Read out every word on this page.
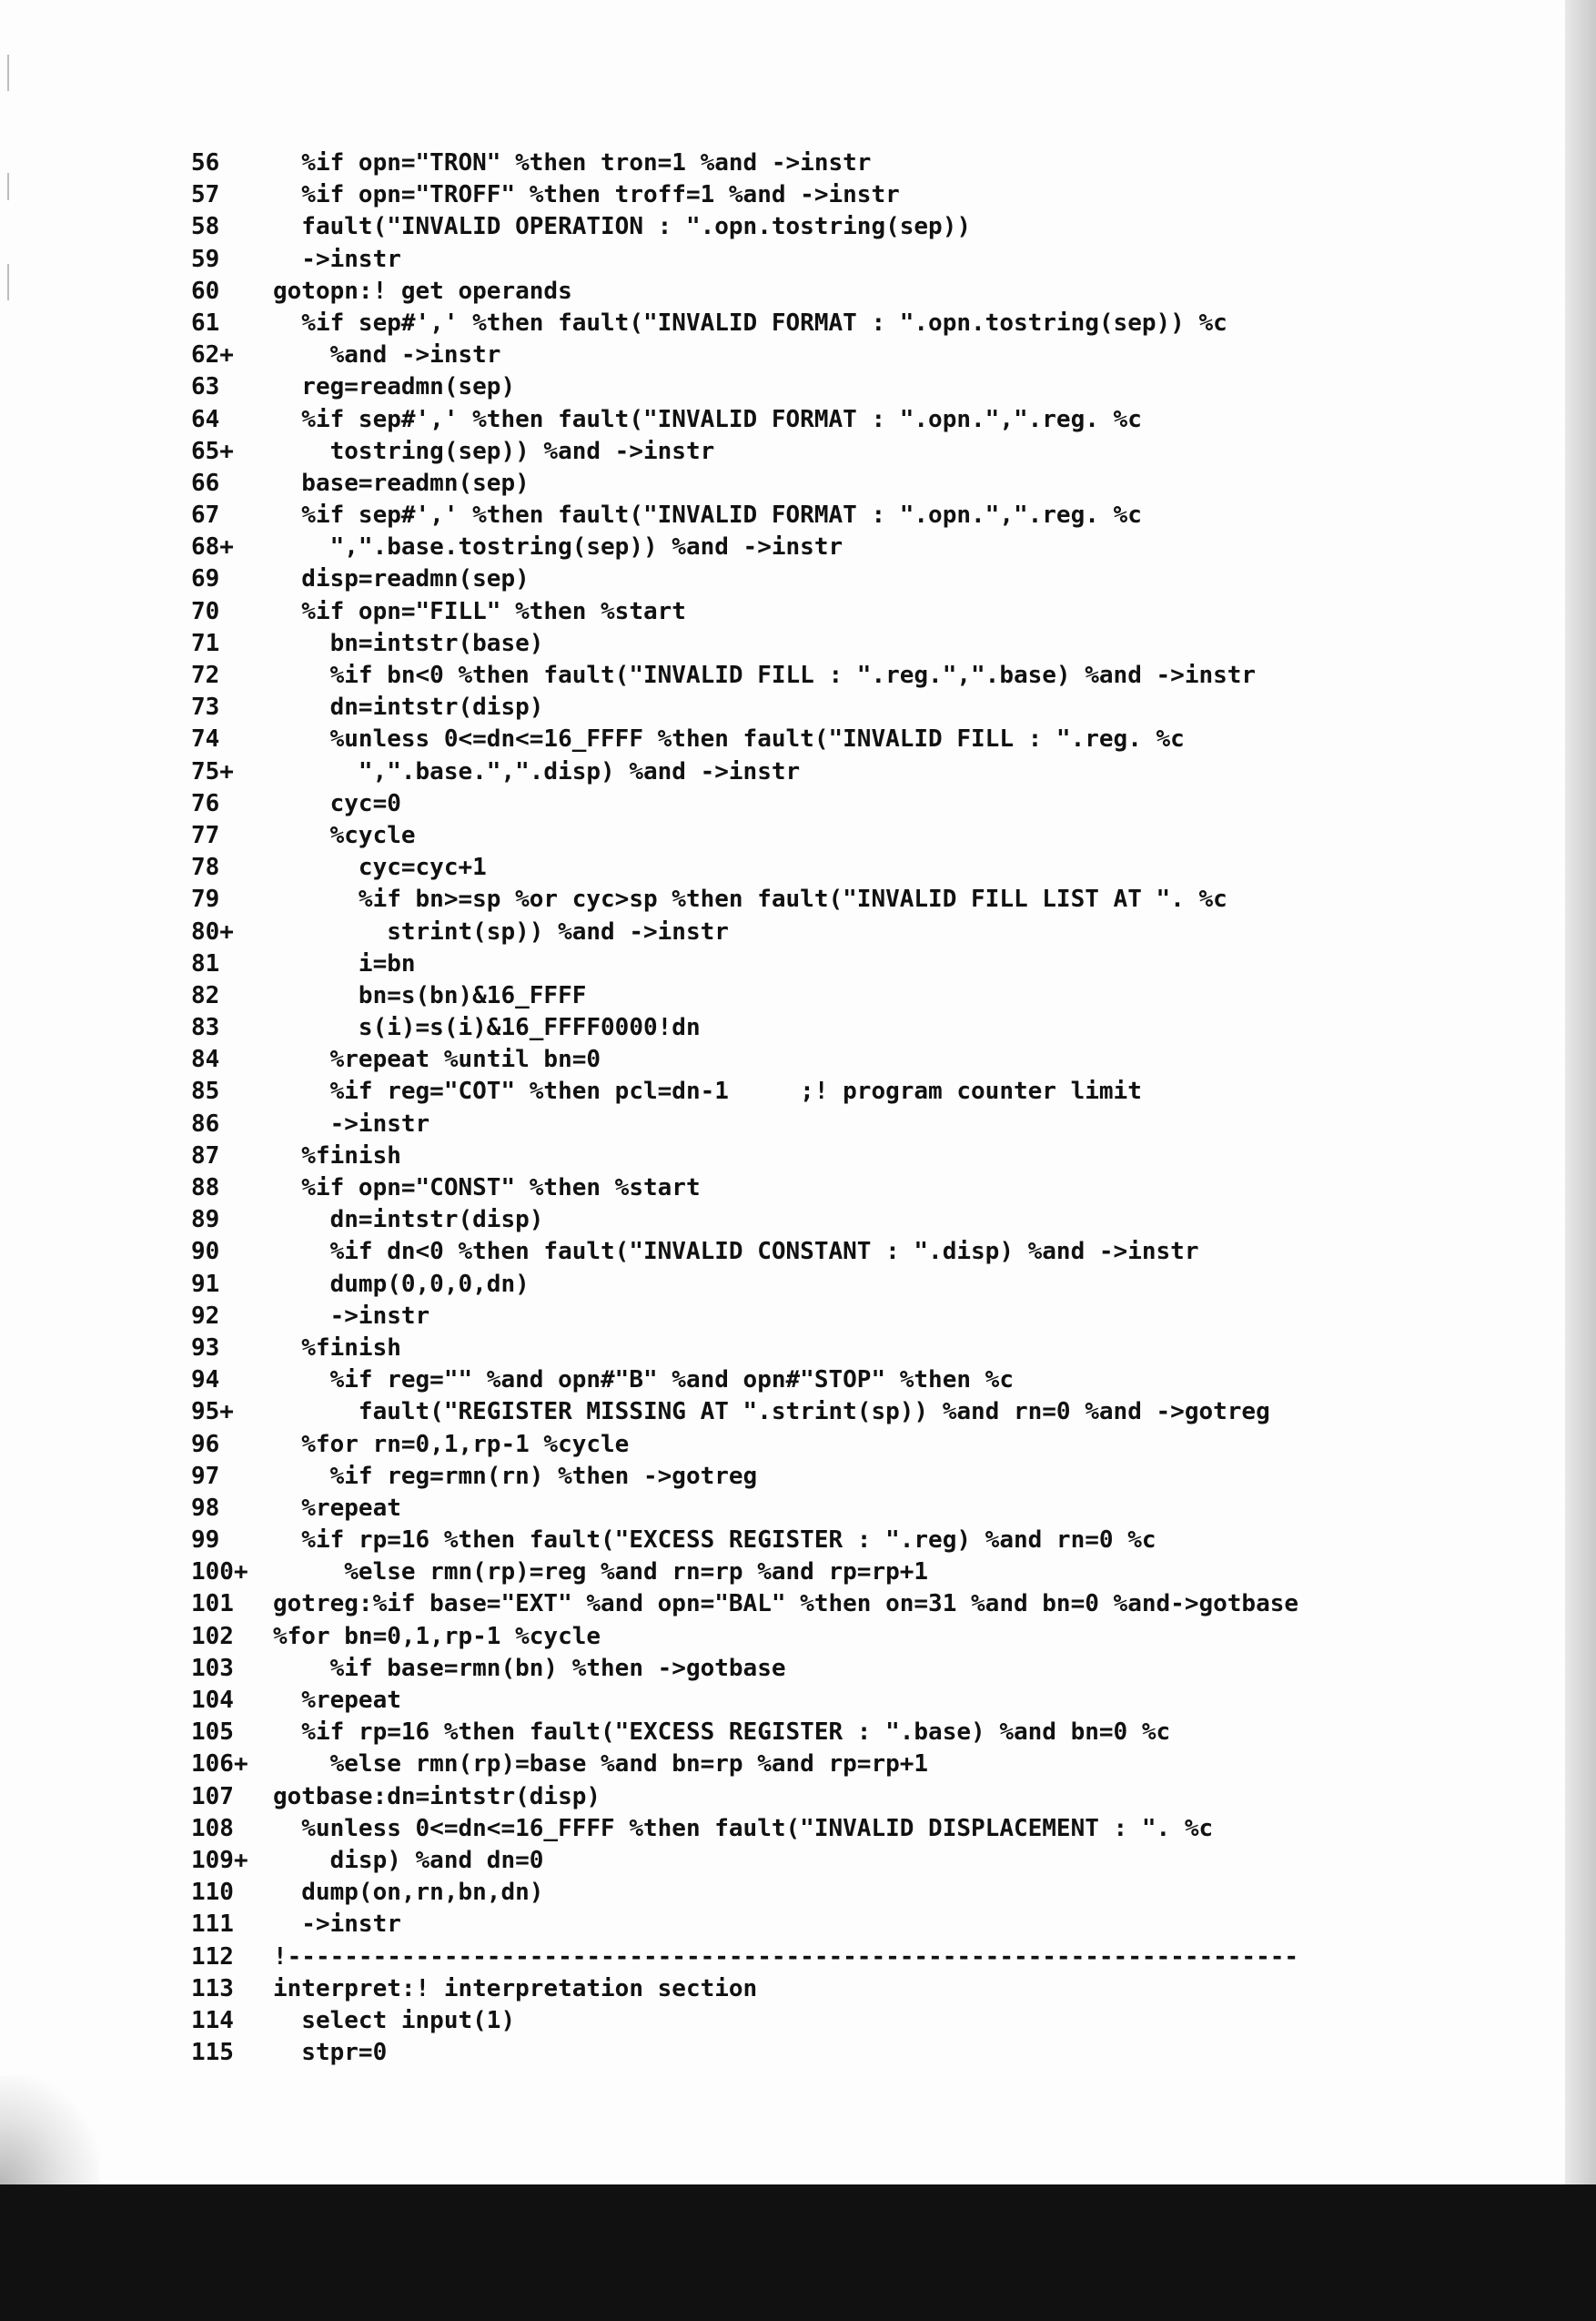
56	%if opn="TRON" %then tron=1 %and ->instr
57	%if opn="TROFF" %then troff=1 %and ->instr
58	fault("INVALID OPERATION : ".opn.tostring(sep))
59	->instr
60	gotopn:! get operands
61	%if sep#',' %then fault("INVALID FORMAT : ".opn.tostring(sep)) %c
62+	%and ->instr
63	reg=readmn(sep)
64	%if sep#',' %then fault("INVALID FORMAT : ".opn.",".reg. %c
65+	tostring(sep)) %and ->instr
66	base=readmn(sep)
67	%if sep#',' %then fault("INVALID FORMAT : ".opn.",".reg. %c
68+	",".base.tostring(sep)) %and ->instr
69	disp=readmn(sep)
70	%if opn="FILL" %then %start
71	bn=intstr(base)
72	%if bn<0 %then fault("INVALID FILL : ".reg.",".base) %and ->instr
73	dn=intstr(disp)
74	%unless 0<=dn<=16_FFFF %then fault("INVALID FILL : ".reg. %c
75+	",".base.",".disp) %and ->instr
76	cyc=0
77	%cycle
78	cyc=cyc+1
79	%if bn>=sp %or cyc>sp %then fault("INVALID FILL LIST AT ". %c
80+	strint(sp)) %and ->instr
81	i=bn
82	bn=s(bn)&16_FFFF
83	s(i)=s(i)&16_FFFF0000!dn
84	%repeat %until bn=0
85	%if reg="COT" %then pcl=dn-1     ;! program counter limit
86	->instr
87	%finish
88	%if opn="CONST" %then %start
89	dn=intstr(disp)
90	%if dn<0 %then fault("INVALID CONSTANT : ".disp) %and ->instr
91	dump(0,0,0,dn)
92	->instr
93	%finish
94	%if reg="" %and opn#"B" %and opn#"STOP" %then %c
95+	fault("REGISTER MISSING AT ".strint(sp)) %and rn=0 %and ->gotreg
96	%for rn=0,1,rp-1 %cycle
97	%if reg=rmn(rn) %then ->gotreg
98	%repeat
99	%if rp=16 %then fault("EXCESS REGISTER : ".reg) %and rn=0 %c
100+	%else rmn(rp)=reg %and rn=rp %and rp=rp+1
101	gotreg:%if base="EXT" %and opn="BAL" %then on=31 %and bn=0 %and->gotbase
102	%for bn=0,1,rp-1 %cycle
103	%if base=rmn(bn) %then ->gotbase
104	%repeat
105	%if rp=16 %then fault("EXCESS REGISTER : ".base) %and bn=0 %c
106+	%else rmn(rp)=base %and bn=rp %and rp=rp+1
107	gotbase:dn=intstr(disp)
108	%unless 0<=dn<=16_FFFF %then fault("INVALID DISPLACEMENT : ". %c
109+	disp) %and dn=0
110	dump(on,rn,bn,dn)
111	->instr
112	!-----------------------------------------------------------------------
113	interpret:! interpretation section
114	select input(1)
115	stpr=0
